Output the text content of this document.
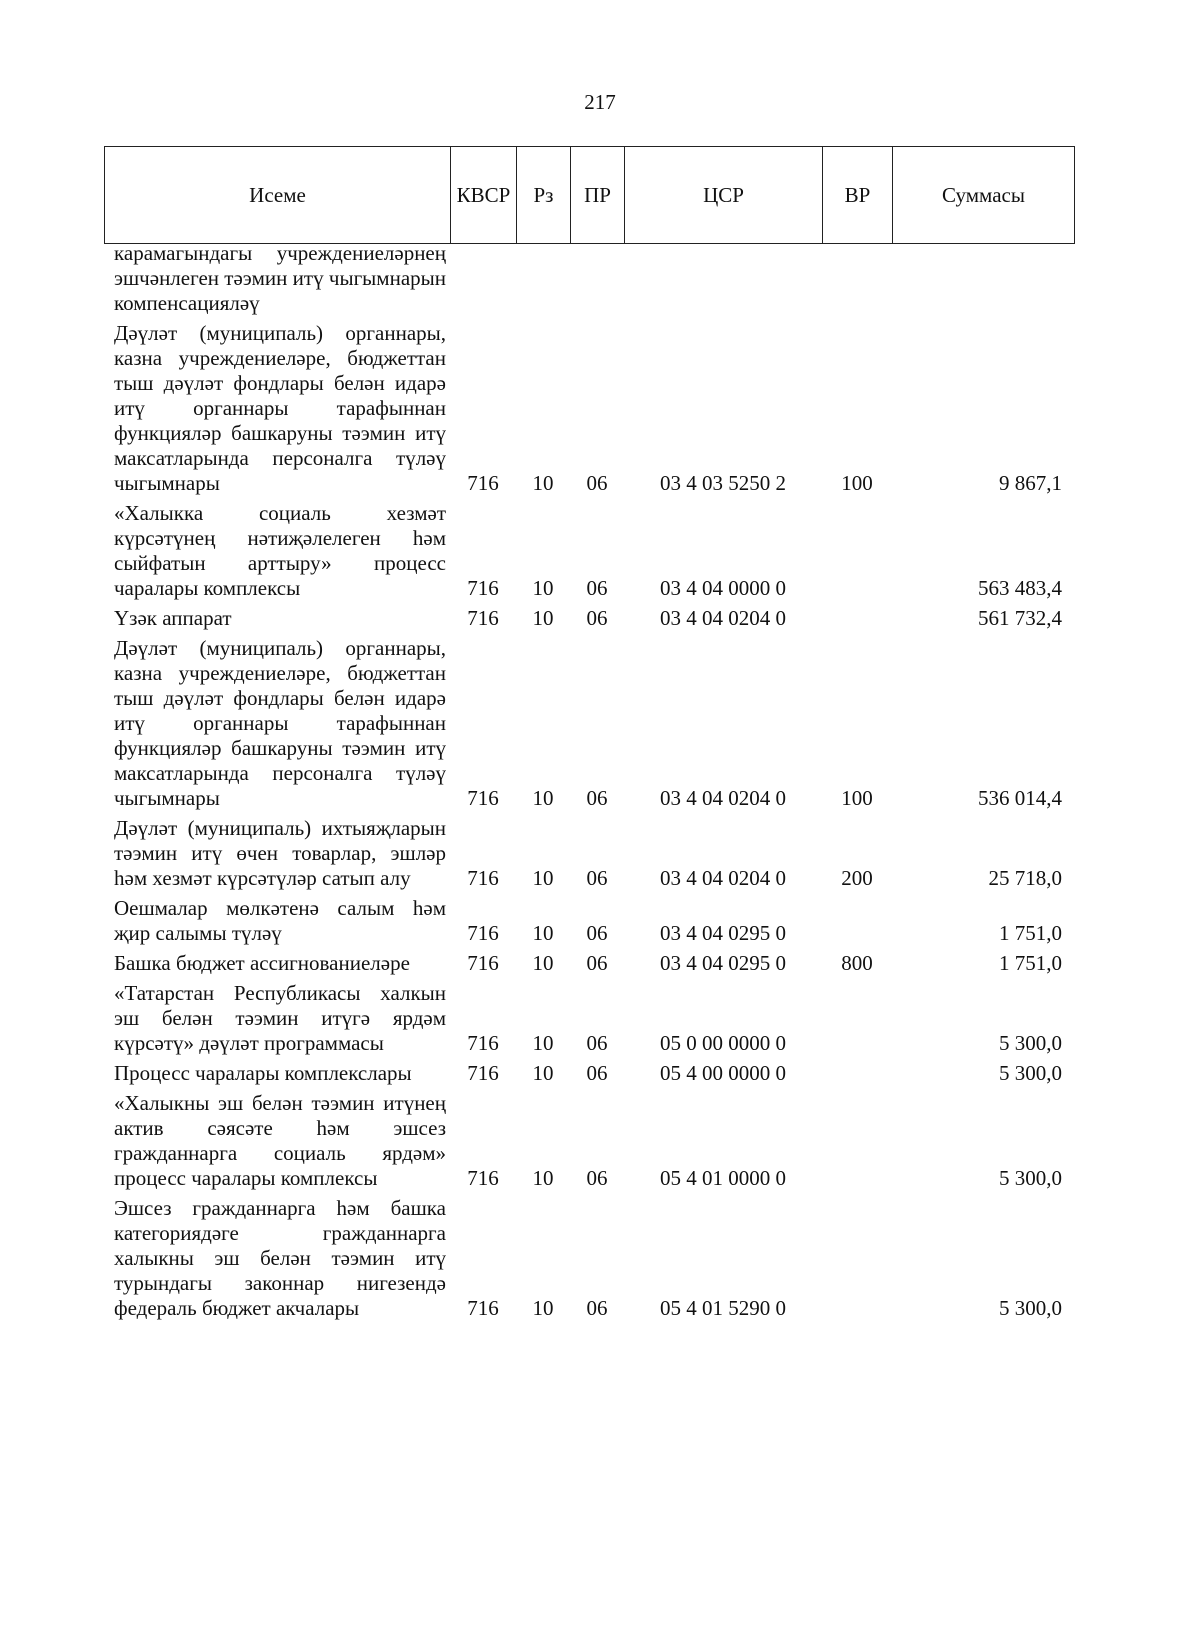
217
Исеме	КВСР	Рз	ПР	ЦСР	ВР	Суммасы
карамагындагы учреждениеләрнең эшчәнлеген тәэмин итү чыгымнарын компенсацияләү						
Дәүләт (муниципаль) органнары, казна учреждениеләре, бюджеттан тыш дәүләт фондлары белән идарә итү органнары тарафыннан функцияләр башкаруны тәэмин итү максатларында персоналга түләү чыгымнары	716	10	06	03 4 03 5250 2	100	9 867,1
«Халыкка социаль хезмәт күрсәтүнең нәтиҗәлелеген һәм сыйфатын арттыру» процесс чаралары комплексы	716	10	06	03 4 04 0000 0		563 483,4
Үзәк аппарат	716	10	06	03 4 04 0204 0		561 732,4
Дәүләт (муниципаль) органнары, казна учреждениеләре, бюджеттан тыш дәүләт фондлары белән идарә итү органнары тарафыннан функцияләр башкаруны тәэмин итү максатларында персоналга түләү чыгымнары	716	10	06	03 4 04 0204 0	100	536 014,4
Дәүләт (муниципаль) ихтыяҗларын тәэмин итү өчен товарлар, эшләр һәм хезмәт күрсәтүләр сатып алу	716	10	06	03 4 04 0204 0	200	25 718,0
Оешмалар мөлкәтенә салым һәм җир салымы түләү	716	10	06	03 4 04 0295 0		1 751,0
Башка бюджет ассигнованиеләре	716	10	06	03 4 04 0295 0	800	1 751,0
«Татарстан Республикасы халкын эш белән тәэмин итүгә ярдәм күрсәтү» дәүләт программасы	716	10	06	05 0 00 0000 0		5 300,0
Процесс чаралары комплекслары	716	10	06	05 4 00 0000 0		5 300,0
«Халыкны эш белән тәэмин итүнең актив сәясәте һәм эшсез гражданнарга социаль ярдәм» процесс чаралары комплексы	716	10	06	05 4 01 0000 0		5 300,0
Эшсез гражданнарга һәм башка категориядәге гражданнарга халыкны эш белән тәэмин итү турындагы законнар нигезендә федераль бюджет акчалары	716	10	06	05 4 01 5290 0		5 300,0
